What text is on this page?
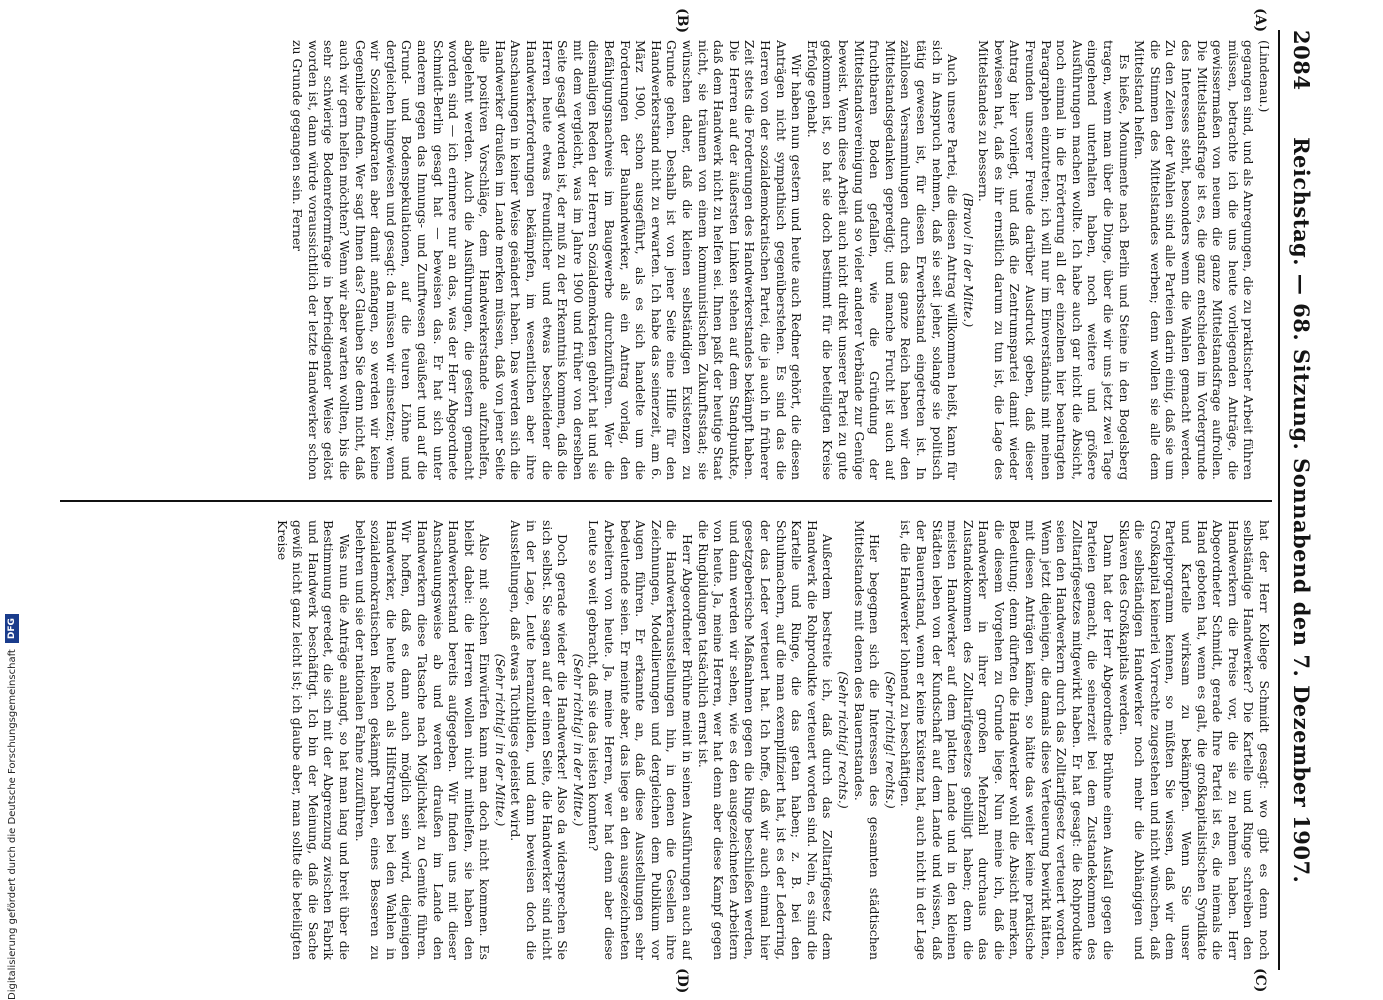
2084
Reichstag. — 68. Sitzung. Sonnabend den 7. Dezember 1907.
(A)
(B)
(C)
(D)

(Lindenau.)

gegangen sind, und als Anregungen, die zu praktischer Arbeit führen müssen, betrachte ich die uns heute vorliegenden Anträge, die gewissermaßen von neuem die ganze Mittelstandsfrage aufrollen. Die Mittelstandsfrage ist es, die ganz entschieden im Vordergrunde des Interesses steht, besonders wenn die Wahlen gemacht werden. Zu den Zeiten der Wahlen sind alle Parteien darin einig, daß sie um die Stimmen des Mittelstandes werben; denn wollen sie alle dem Mittelstand helfen.

Es hieße, Monumente nach Berlin und Steine in den Bogelsberg tragen, wenn man über die Dinge, über die wir uns jetzt zwei Tage eingehend unterhalten haben, noch weitere und größere Ausführungen machen wollte. Ich habe auch gar nicht die Absicht, noch einmal in die Erörterung all der einzelnen hier beantragten Paragraphen einzutreten; ich will nur im Einverständnis mit meinen Freunden unserer Freude darüber Ausdruck geben, daß dieser Antrag hier vorliegt, und daß die Zentrumspartei damit wieder bewiesen hat, daß es ihr ernstlich darum zu tun ist, die Lage des Mittelstandes zu bessern.

(Bravo! in der Mitte.)

Auch unsere Partei, die diesen Antrag willkommen heißt, kann für sich in Anspruch nehmen, daß sie seit jeher, solange sie politisch tätig gewesen ist, für diesen Erwerbsstand eingetreten ist. In zahllosen Versammlungen durch das ganze Reich haben wir den Mittelstandsgedanken gepredigt; und manche Frucht ist auch auf fruchtbaren Boden gefallen, wie die Gründung der Mittelstandsvereinigung und so vieler anderer Verbände zur Genüge beweist. Wenn diese Arbeit auch nicht direkt unserer Partei zu gute gekommen ist, so hat sie doch bestimmt für die beteiligten Kreise Erfolge gehabt.

Wir haben nun gestern und heute auch Redner gehört, die diesen Anträgen nicht sympathisch gegenüberstehen. Es sind das die Herren von der sozialdemokratischen Partei, die ja auch in früherer Zeit stets die Forderungen des Handwerkerstandes bekämpft haben. Die Herren auf der äußersten Linken stehen auf dem Standpunkte, daß dem Handwerk nicht zu helfen sei. Ihnen paßt der heutige Staat nicht, sie träumen von einem kommunistischen Zukunftsstaat; sie wünschen daher, daß die kleinen selbständigen Existenzen zu Grunde gehen. Deshalb ist von jener Seite eine Hilfe für den Handwerkerstand nicht zu erwarten. Ich habe das seinerzeit, am 6. März 1900, schon ausgeführt, als es sich handelte um die Forderungen der Bauhandwerker, als ein Antrag vorlag, den Befähigungsnachweis im Baugewerbe durchzuführen. Wer die diesmaligen Reden der Herren Sozialdemokraten gehört hat und sie mit dem vergleicht, was im Jahre 1900 und früher von derselben Seite gesagt worden ist, der muß zu der Erkenntnis kommen, daß die Herren heute etwas freundlicher und etwas bescheidener die Handwerkerforderungen bekämpfen, im wesentlichen aber ihre Anschauungen in keiner Weise geändert haben. Das werden sich die Handwerker draußen im Lande merken müssen, daß von jener Seite alle positiven Vorschläge, dem Handwerkerstande aufzuhelfen, abgelehnt werden. Auch die Ausführungen, die gestern gemacht worden sind — ich erinnere nur an das, was der Herr Abgeordnete Schmidt-Berlin gesagt hat — beweisen das. Er hat sich unter anderem gegen das Innungs- und Zunftwesen geäußert und auf die Grund- und Bodenspekulationen, auf die teuren Löhne und dergleichen hingewiesen und gesagt: da müssen wir einsetzen; wenn wir Sozialdemokraten aber damit anfangen, so werden wir keine Gegenliebe finden. Wer sagt Ihnen das? Glauben Sie denn nicht, daß auch wir gern helfen möchten? Wenn wir aber warten wollten, bis die sehr schwierige Bodenreformfrage in befriedigender Weise gelöst worden ist, dann würde voraussichtlich der letzte Handwerker schon zu Grunde gegangen sein. Ferner

hat der Herr Kollege Schmidt gesagt: wo gibt es denn noch selbständige Handwerker? Die Kartelle und Ringe schreiben den Handwerkern die Preise vor, die sie zu nehmen haben. Herr Abgeordneter Schmidt, gerade Ihre Partei ist es, die niemals die Hand geboten hat, wenn es galt, die großkapitalistischen Syndikate und Kartelle wirksam zu bekämpfen. Wenn Sie unser Parteiprogramm kennen, so müßten Sie wissen, daß wir dem Großkapital keinerlei Vorrechte zugestehen und nicht wünschen, daß die selbständigen Handwerker noch mehr die Abhängigen und Sklaven des Großkapitals werden.

Dann hat der Herr Abgeordnete Brühne einen Ausfall gegen die Parteien gemacht, die seinerzeit bei dem Zustandekommen des Zolltarifgesetzes mitgewirkt haben. Er hat gesagt: die Rohprodukte seien den Handwerkern durch das Zolltarifgesetz verteuert worden. Wenn jetzt diejenigen, die damals diese Verteuerung bewirkt hätten, mit diesen Anträgen kämen, so hätte das weiter keine praktische Bedeutung; denn dürften die Handwerker wohl die Absicht merken, die diesem Vorgehen zu Grunde liege. Nun meine ich, daß die Handwerker in ihrer großen Mehrzahl durchaus das Zustandekommen des Zolltarifgesetzes gebilligt haben; denn die meisten Handwerker auf dem platten Lande und in den kleinen Städten leben von der Kundschaft auf dem Lande und wissen, daß der Bauernstand, wenn er keine Existenz hat, auch nicht in der Lage ist, die Handwerker lohnend zu beschäftigen.

(Sehr richtig! rechts.)

Hier begegnen sich die Interessen des gesamten städtischen Mittelstandes mit denen des Bauernstandes.

(Sehr richtig! rechts.)

Außerdem bestreite ich, daß durch das Zolltarifgesetz dem Handwerk die Rohprodukte verteuert worden sind. Nein, es sind die Kartelle und Ringe, die das getan haben; z. B. bei den Schuhmachern, auf die man exemplifiziert hat, ist es der Lederring, der das Leder verteuert hat. Ich hoffe, daß wir auch einmal hier gesetzgeberische Maßnahmen gegen die Ringe beschließen werden, und dann werden wir sehen, wie es den ausgezeichneten Arbeitern von heute. Ja, meine Herren, wer hat denn aber diese Kampf gegen die Ringbildungen tatsächlich ernst ist.

Herr Abgeordneter Brühne meint in seinen Ausführungen auch auf die Handwerkerausstellungen hin, in denen die Gesellen ihre Zeichnungen, Modellierungen und dergleichen dem Publikum vor Augen führen. Er erkannte an, daß diese Ausstellungen sehr bedeutende seien. Er meinte aber, das liege an den ausgezeichneten Arbeitern von heute. Ja, meine Herren, wer hat denn aber diese Leute so weit gebracht, daß sie das leisten konnten?

(Sehr richtig! in der Mitte.)

Doch gerade wieder die Handwerker! Also da widersprechen Sie sich selbst. Sie sagen auf der einen Seite, die Handwerker sind nicht in der Lage, Leute heranzubilden, und dann beweisen doch die Ausstellungen, daß etwas Tüchtiges geleistet wird.

(Sehr richtig! in der Mitte.)

Also mit solchen Einwürfen kann man doch nicht kommen. Es bleibt dabei: die Herren wollen nicht mithelfen, sie haben den Handwerkerstand bereits aufgegeben. Wir finden uns mit dieser Anschauungsweise ab und werden draußen im Lande den Handwerkern diese Tatsache nach Möglichkeit zu Gemüte führen. Wir hoffen, daß es dann auch möglich sein wird, diejenigen Handwerker, die heute noch als Hilfstruppen bei den Wahlen in sozialdemokratischen Reihen gekämpft haben, eines Besseren zu belehren und sie der nationalen Fahne zuzuführen.

Was nun die Anträge anlangt, so hat man lang und breit über die Bestimmung geredet, die sich mit der Abgrenzung zwischen Fabrik und Handwerk beschäftigt. Ich bin der Meinung, daß die Sache gewiß nicht ganz leicht ist; ich glaube aber, man sollte die beteiligten Kreise

Digitalisierung gefördert durch die Deutsche Forschungsgemeinschaft
DFG
